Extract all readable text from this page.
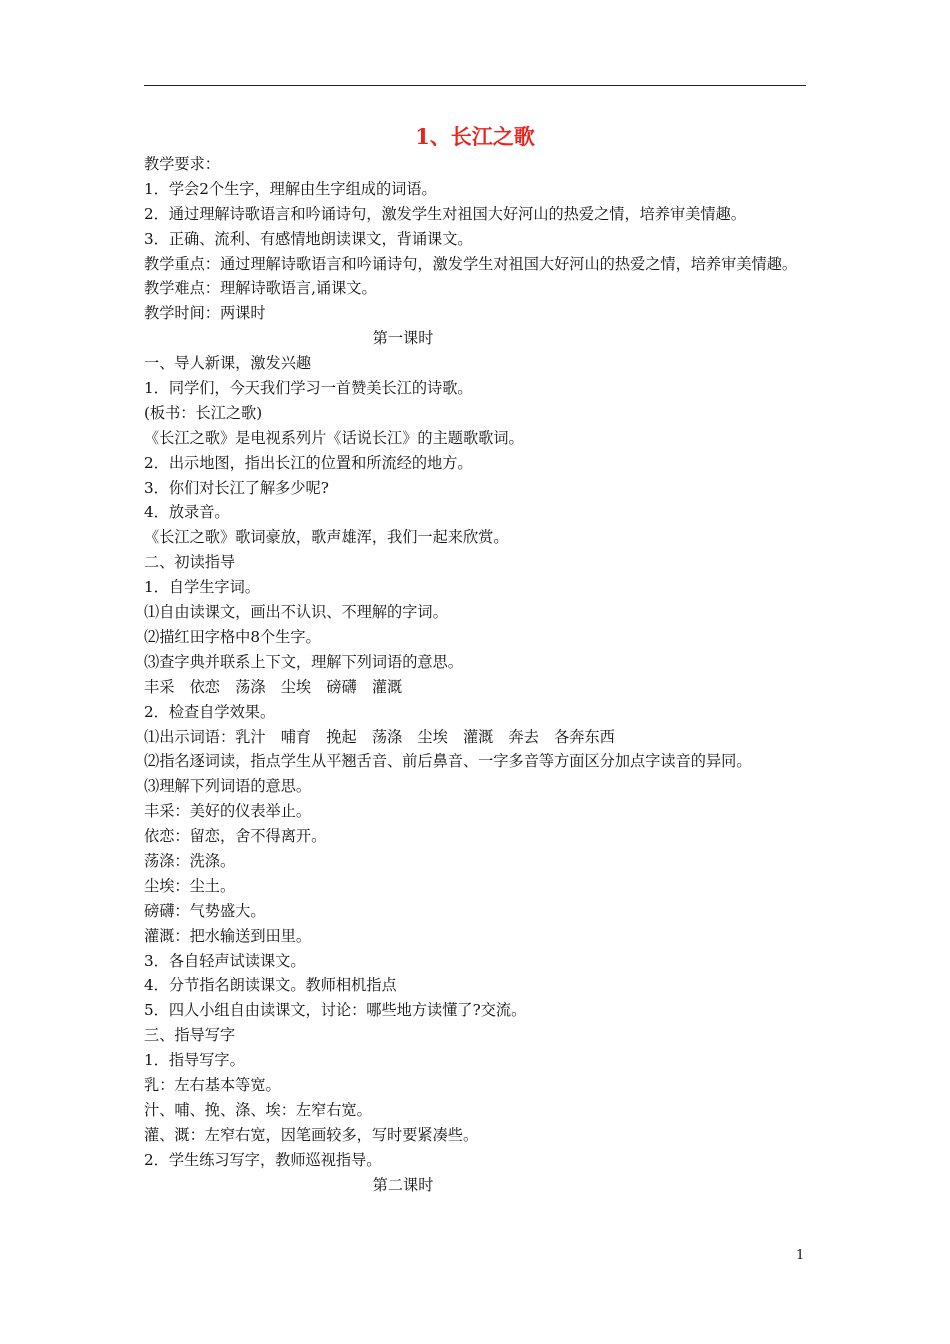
1、长江之歌
教学要求：
1．学会2个生字，理解由生字组成的词语。
2．通过理解诗歌语言和吟诵诗句，激发学生对祖国大好河山的热爱之情，培养审美情趣。
3．正确、流利、有感情地朗读课文，背诵课文。
教学重点：通过理解诗歌语言和吟诵诗句，激发学生对祖国大好河山的热爱之情，培养审美情趣。
教学难点：理解诗歌语言,诵课文。
教学时间：两课时
第一课时
一、导人新课，激发兴趣
1．同学们，今天我们学习一首赞美长江的诗歌。
(板书：长江之歌)
《长江之歌》是电视系列片《话说长江》的主题歌歌词。
2．出示地图，指出长江的位置和所流经的地方。
3．你们对长江了解多少呢?
4．放录音。
《长江之歌》歌词豪放，歌声雄浑，我们一起来欣赏。
二、初读指导
1．自学生字词。
⑴自由读课文，画出不认识、不理解的字词。
⑵描红田字格中8个生字。
⑶查字典并联系上下文，理解下列词语的意思。
丰采　依恋　荡涤　尘埃　磅礴　灌溉
2．检查自学效果。
⑴出示词语：乳汁　哺育　挽起　荡涤　尘埃　灌溉　奔去　各奔东西
⑵指名逐词读，指点学生从平翘舌音、前后鼻音、一字多音等方面区分加点字读音的异同。
⑶理解下列词语的意思。
丰采：美好的仪表举止。
依恋：留恋，舍不得离开。
荡涤：洗涤。
尘埃：尘土。
磅礴：气势盛大。
灌溉：把水输送到田里。
3．各自轻声试读课文。
4．分节指名朗读课文。教师相机指点
5．四人小组自由读课文，讨论：哪些地方读懂了?交流。
三、指导写字
1．指导写字。
乳：左右基本等宽。
汁、哺、挽、涤、埃：左窄右宽。
灌、溉：左窄右宽，因笔画较多，写时要紧凑些。
2．学生练习写字，教师巡视指导。
第二课时
1
